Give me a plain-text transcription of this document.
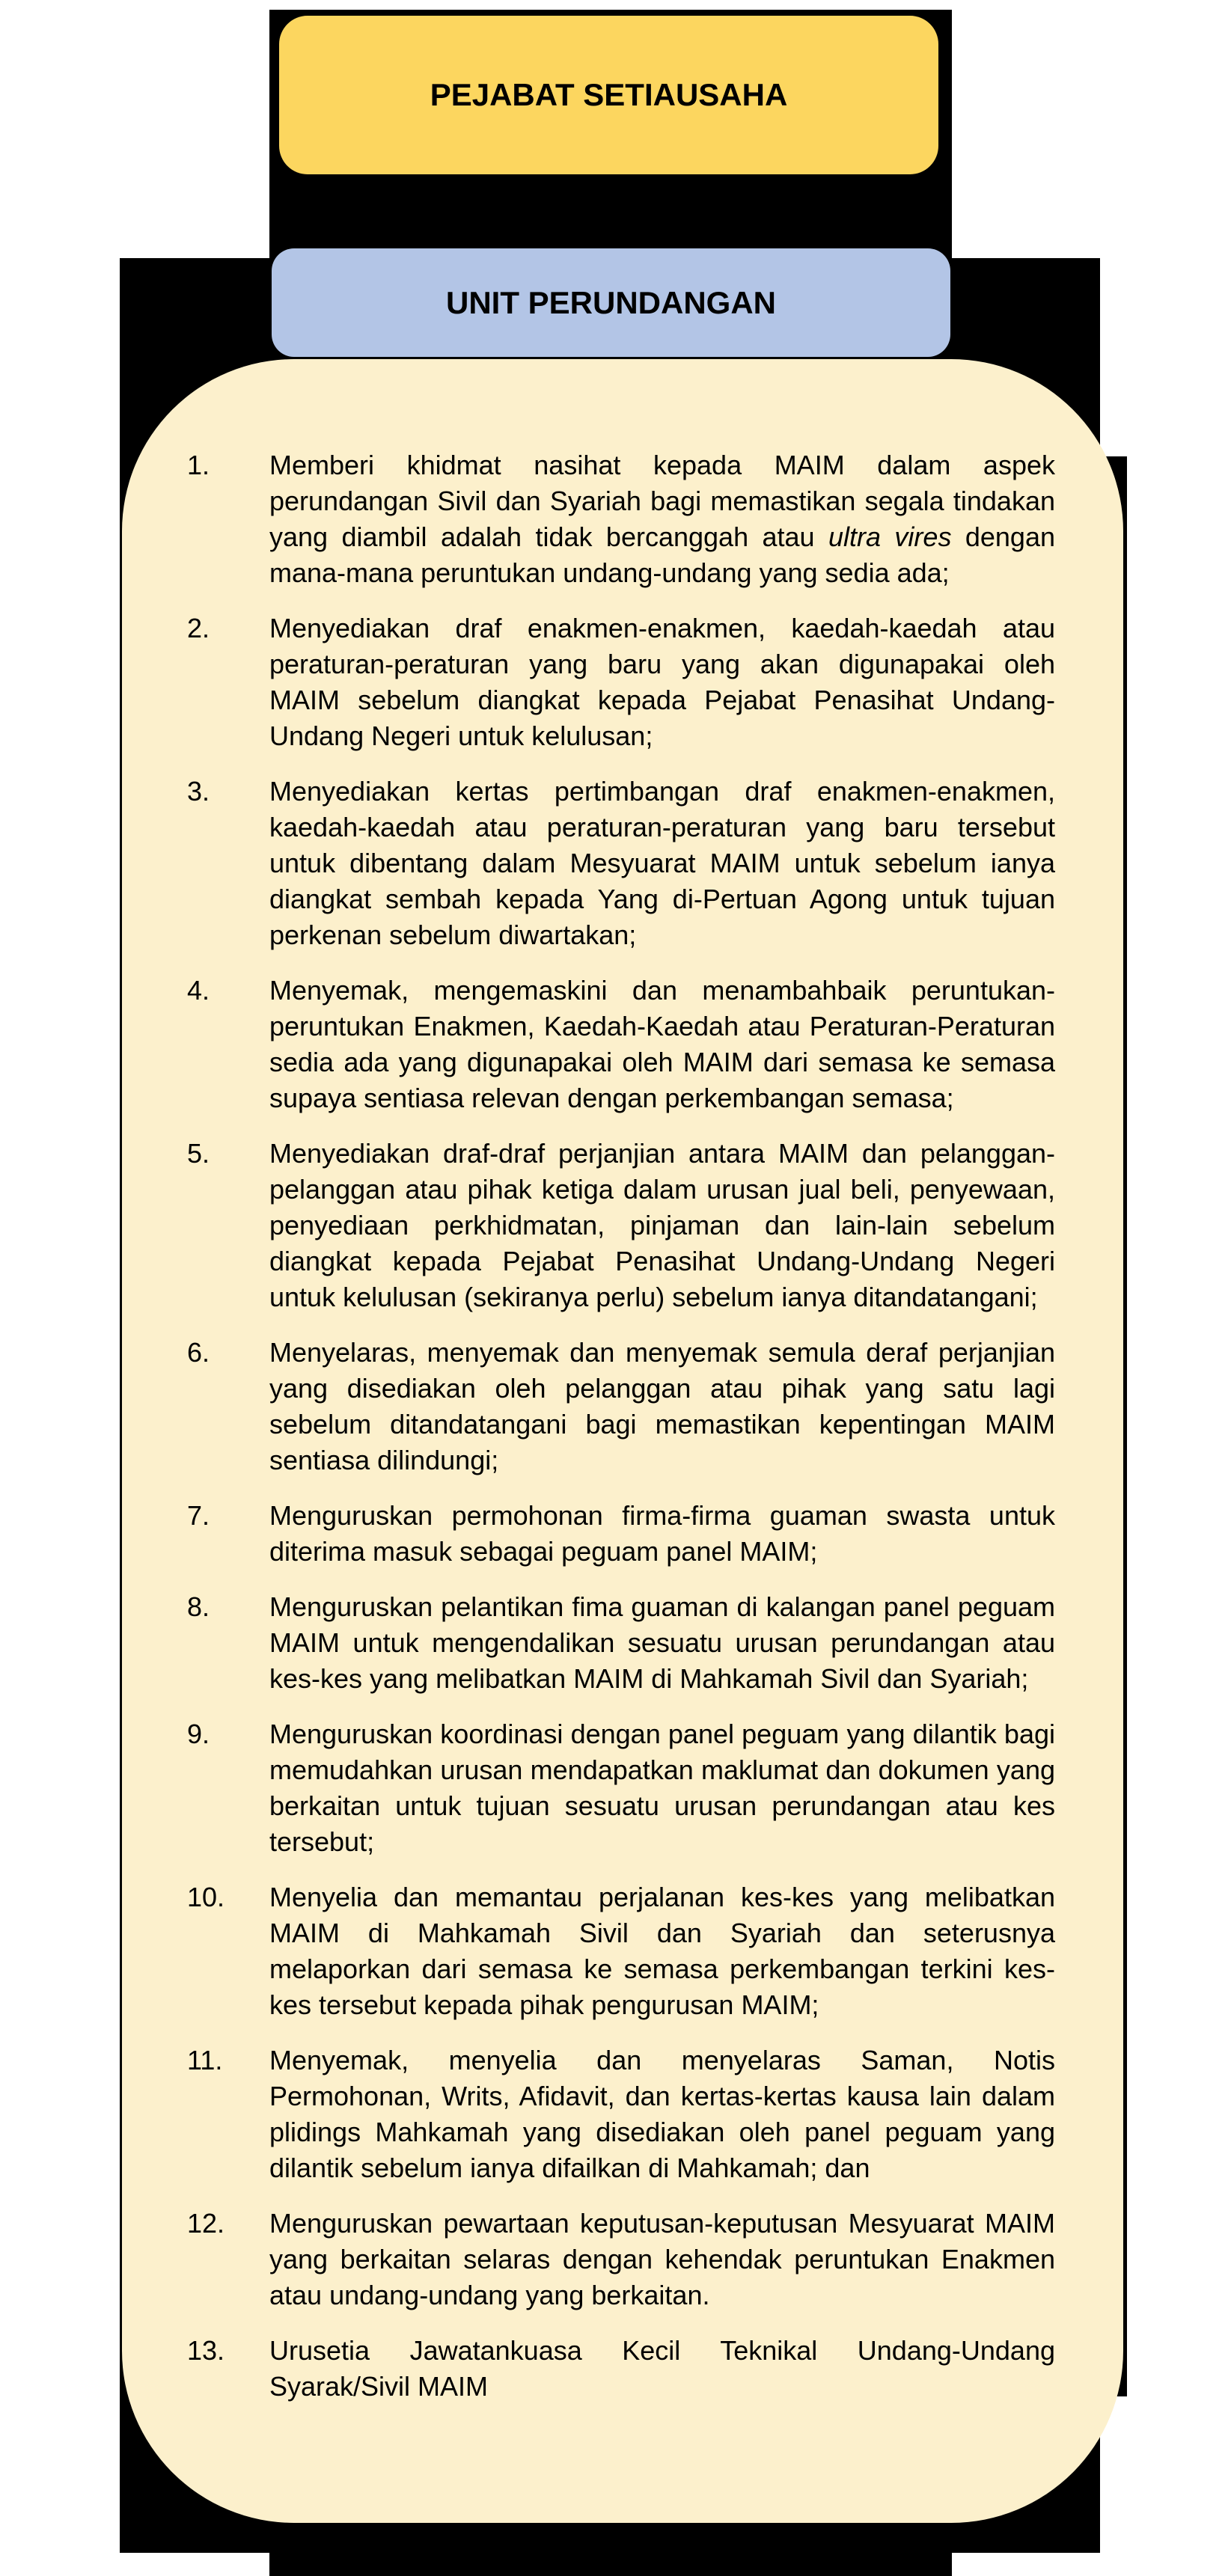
PEJABAT SETIAUSAHA
UNIT PERUNDANGAN
1.	Memberi khidmat nasihat kepada MAIM dalam aspek perundangan Sivil dan Syariah bagi memastikan segala tindakan yang diambil adalah tidak bercanggah atau ultra vires dengan mana-mana peruntukan undang-undang yang sedia ada;
2.	Menyediakan draf enakmen-enakmen, kaedah-kaedah atau peraturan-peraturan yang baru yang akan digunapakai oleh MAIM sebelum diangkat kepada Pejabat Penasihat Undang-Undang Negeri untuk kelulusan;
3.	Menyediakan kertas pertimbangan draf enakmen-enakmen, kaedah-kaedah atau peraturan-peraturan yang baru tersebut untuk dibentang dalam Mesyuarat MAIM untuk sebelum ianya diangkat sembah kepada Yang di-Pertuan Agong untuk tujuan perkenan sebelum diwartakan;
4.	Menyemak, mengemaskini dan menambahbaik peruntukan-peruntukan Enakmen, Kaedah-Kaedah atau Peraturan-Peraturan sedia ada yang digunapakai oleh MAIM dari semasa ke semasa supaya sentiasa relevan dengan perkembangan semasa;
5.	Menyediakan draf-draf perjanjian antara MAIM dan pelanggan-pelanggan atau pihak ketiga dalam urusan jual beli, penyewaan, penyediaan perkhidmatan, pinjaman dan lain-lain sebelum diangkat kepada Pejabat Penasihat Undang-Undang Negeri untuk kelulusan (sekiranya perlu) sebelum ianya ditandatangani;
6.	Menyelaras, menyemak dan menyemak semula deraf perjanjian yang disediakan oleh pelanggan atau pihak yang satu lagi sebelum ditandatangani bagi memastikan kepentingan MAIM sentiasa dilindungi;
7.	Menguruskan permohonan firma-firma guaman swasta untuk diterima masuk sebagai peguam panel MAIM;
8.	Menguruskan pelantikan fima guaman di kalangan panel peguam MAIM untuk mengendalikan sesuatu urusan perundangan atau kes-kes yang melibatkan MAIM di Mahkamah Sivil dan Syariah;
9.	Menguruskan koordinasi dengan panel peguam yang dilantik bagi memudahkan urusan mendapatkan maklumat dan dokumen yang berkaitan untuk tujuan sesuatu urusan perundangan atau kes tersebut;
10. Menyelia dan memantau perjalanan kes-kes yang melibatkan MAIM di Mahkamah Sivil dan Syariah dan seterusnya melaporkan dari semasa ke semasa perkembangan terkini kes-kes tersebut kepada pihak pengurusan MAIM;
11. Menyemak, menyelia dan menyelaras Saman, Notis Permohonan, Writs, Afidavit, dan kertas-kertas kausa lain dalam plidings Mahkamah yang disediakan oleh panel peguam yang dilantik sebelum ianya difailkan di Mahkamah; dan
12. Menguruskan pewartaan keputusan-keputusan Mesyuarat MAIM yang berkaitan selaras dengan kehendak peruntukan Enakmen atau undang-undang yang berkaitan.
13. Urusetia Jawatankuasa Kecil Teknikal Undang-Undang Syarak/Sivil MAIM
